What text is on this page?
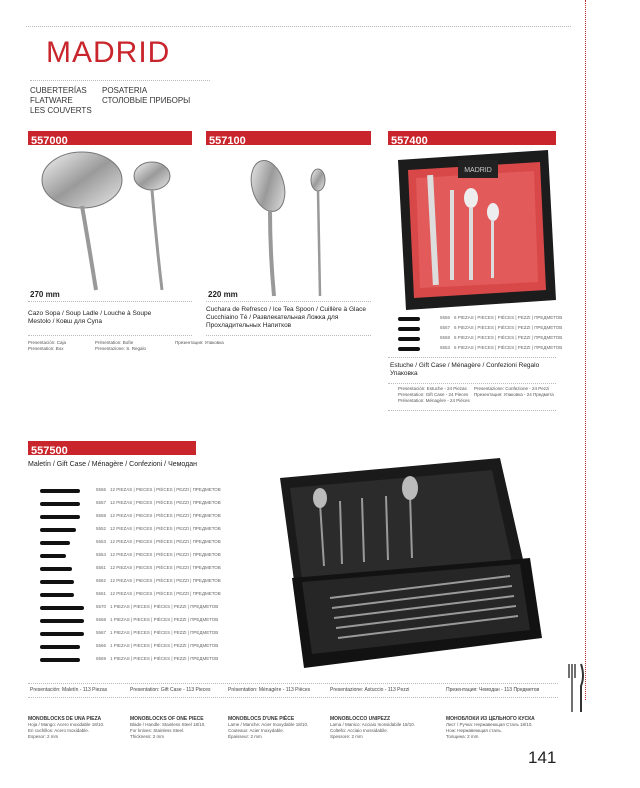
MADRID
CUBERTERÍAS
FLATWARE
LES COUVERTS
POSATERIA
СТОЛОВЫЕ ПРИБОРЫ
557000
270 mm
Cazo Sopa / Soup Ladle / Louche à Soupe
Mestolo / Ковш для Супа
Presentación: Caja
Presentation: Box
Présentation: Boîte
Presentazione: S. Regalo
557100
220 mm
Cuchara de Refresco / Ice Tea Spoon / Cuillère à Glace
Cucchiaino Tè / Развлекательная Ложка для
Прохладительных Напитков
Презентация: Упаковка
557400
MADRID
5556 6 PIEZAS | PIECES | PIÈCES | PEZZI | ПРЕДМЕТОВ
5557 6 PIEZAS | PIECES | PIÈCES | PEZZI | ПРЕДМЕТОВ
5558 6 PIEZAS | PIECES | PIÈCES | PEZZI | ПРЕДМЕТОВ
5553 6 PIEZAS | PIECES | PIÈCES | PEZZI | ПРЕДМЕТОВ
Estuche / Gift Case / Ménagère / Confezioni Regalo
Упаковка
Presentación: Estuche - 24 Piezas
Presentation: Gift Case - 24 Pieces
Présentation: Ménagère - 24 Pièces
Presentazione: Confezione - 24 Pezzi
Презентация: Упаковка - 24 Предмета
557500
Maletín / Gift Case / Ménagère / Confezioni / Чемодан
5556 12 PIEZAS | PIECES | PIÈCES | PEZZI | ПРЕДМЕТОВ
5557 12 PIEZAS | PIECES | PIÈCES | PEZZI | ПРЕДМЕТОВ
5558 12 PIEZAS | PIECES | PIÈCES | PEZZI | ПРЕДМЕТОВ
5552 12 PIEZAS | PIECES | PIÈCES | PEZZI | ПРЕДМЕТОВ
5553 12 PIEZAS | PIECES | PIÈCES | PEZZI | ПРЕДМЕТОВ
5554 12 PIEZAS | PIECES | PIÈCES | PEZZI | ПРЕДМЕТОВ
5551 12 PIEZAS | PIECES | PIÈCES | PEZZI | ПРЕДМЕТОВ
5562 12 PIEZAS | PIECES | PIÈCES | PEZZI | ПРЕДМЕТОВ
5561 12 PIEZAS | PIECES | PIÈCES | PEZZI | ПРЕДМЕТОВ
5570 1 PIEZAS | PIECES | PIÈCES | PEZZI | ПРЕДМЕТОВ
5568 1 PIEZAS | PIECES | PIÈCES | PEZZI | ПРЕДМЕТОВ
5567 1 PIEZAS | PIECES | PIÈCES | PEZZI | ПРЕДМЕТОВ
5566 1 PIEZAS | PIECES | PIÈCES | PEZZI | ПРЕДМЕТОВ
5569 1 PIEZAS | PIECES | PIÈCES | PEZZI | ПРЕДМЕТОВ
Presentación: Maletín - 113 Piezas	Presentation: Gift Case - 113 Pieces	Présentation: Ménagère - 113 Pièces	Presentazione: Astuccio - 113 Pezzi	Презентация: Чемодан - 113 Предметов
MONOBLOCKS DE UNA PIEZA
Hoja / Mango: Acero Inoxidable 18/10.
En cuchillos: Acero Inoxidable.
Espesor: 2 mm
MONOBLOCKS OF ONE PIECE
Blade / Handle: Stainless Steel 18/10.
For knives: Stainless Steel.
Thickness: 2 mm
MONOBLOCS D'UNE PIÈCE
Lame / Manche: Acier Inoxydable 18/10.
Couteaux: Acier Inoxydable.
Épaisseur: 2 mm
MONOBLOCCO UNIPEZZ
Lama / Manico: Acciaio Inossidabile 18/10.
Coltello: Acciaio Inossidabile.
Spessore: 2 mm
МОНОБЛОКИ ИЗ ЦЕЛЬНОГО КУСКА
Лист / Ручка: Нержавеющая Сталь 18/10.
Нож: Нержавеющая сталь.
Толщина: 2 mm
141
